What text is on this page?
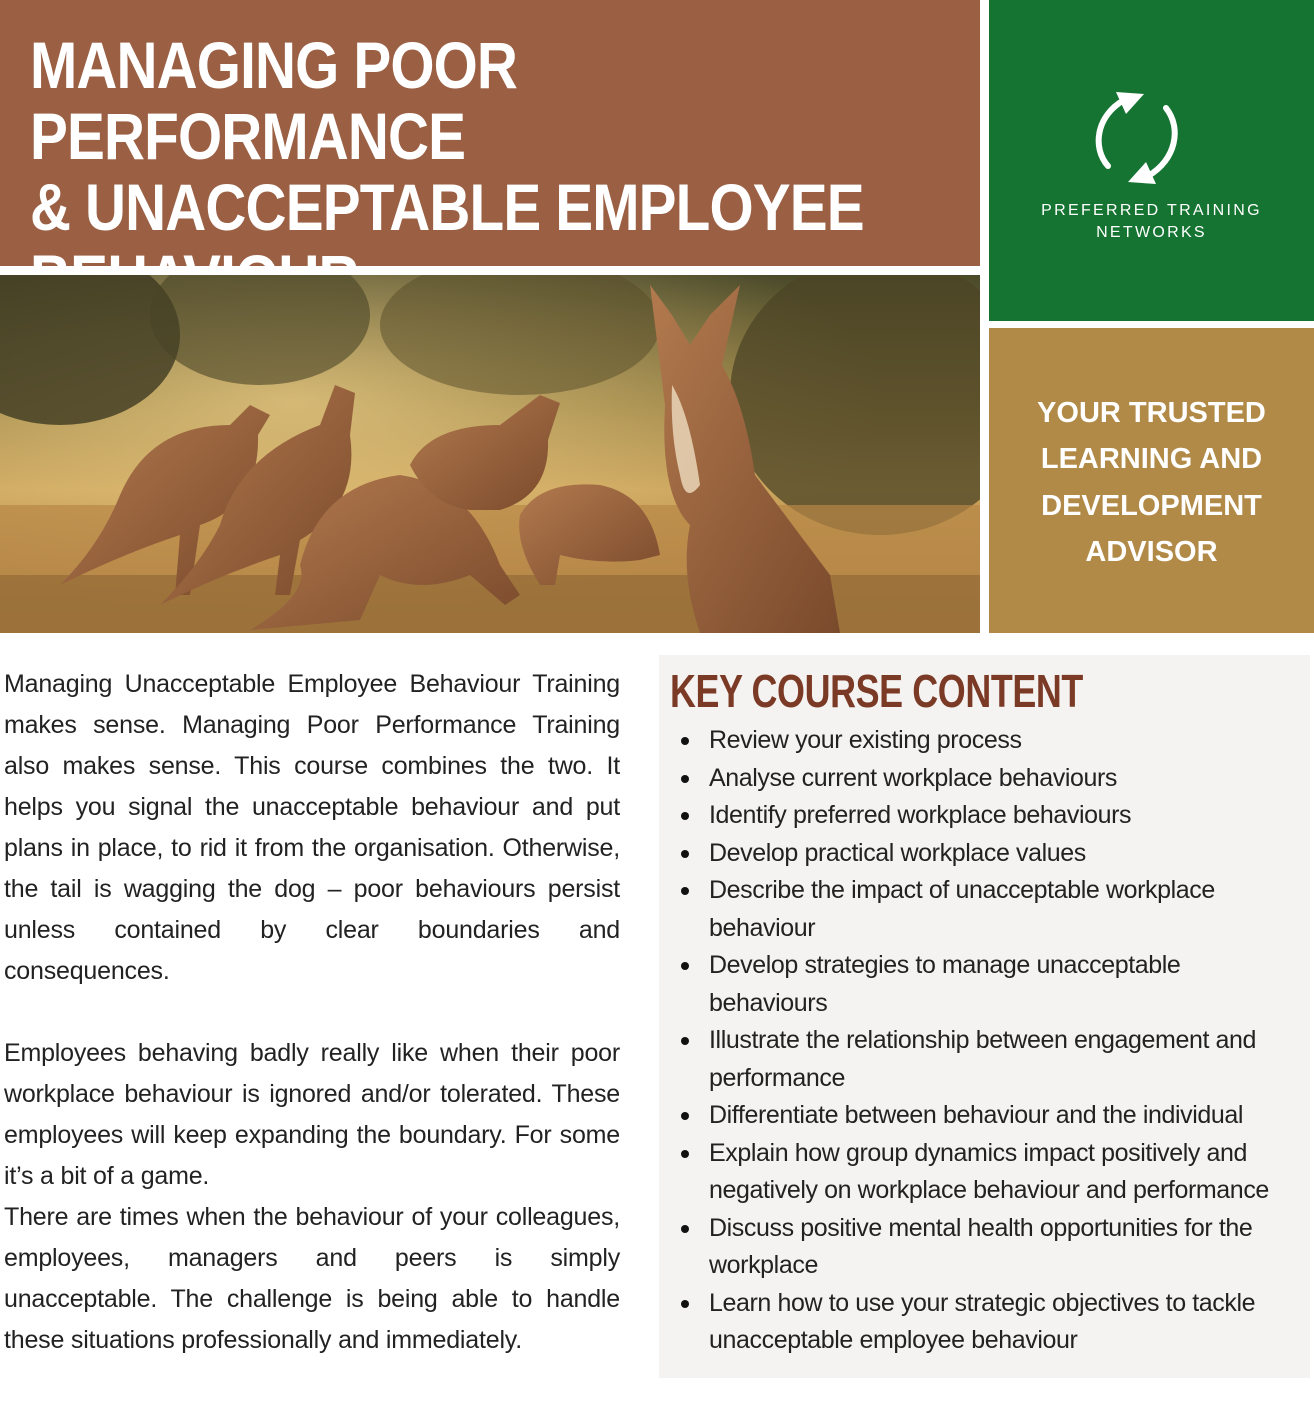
MANAGING POOR PERFORMANCE
& UNACCEPTABLE EMPLOYEE	PREFERRED TRAINING
NETWORKS
YOUR TRUSTED
LEARNING AND
DEVELOPMENT
ADVISOR

Managing Unacceptable Employee Behaviour Training makes sense. Managing Poor Performance Training also makes sense. This course combines the two. It helps you signal the unacceptable behaviour and put plans in place, to rid it from the organisation. Otherwise, the tail is wagging the dog – poor behaviours persist unless contained by clear boundaries and consequences.

Employees behaving badly really like when their poor workplace behaviour is ignored and/or tolerated. These employees will keep expanding the boundary. For some it’s a bit of a game.

There are times when the behaviour of your colleagues, employees, managers and peers is simply unacceptable. The challenge is being able to handle these situations professionally and immediately.

KEY COURSE CONTENT
Review your existing process
Analyse current workplace behaviours
Identify preferred workplace behaviours
Develop practical workplace values
Describe the impact of unacceptable workplace behaviour
Develop strategies to manage unacceptable behaviours
Illustrate the relationship between engagement and performance
Differentiate between behaviour and the individual
Explain how group dynamics impact positively and negatively on workplace behaviour and performance
Discuss positive mental health opportunities for the workplace
Learn how to use your strategic objectives to tackle unacceptable employee behaviour
